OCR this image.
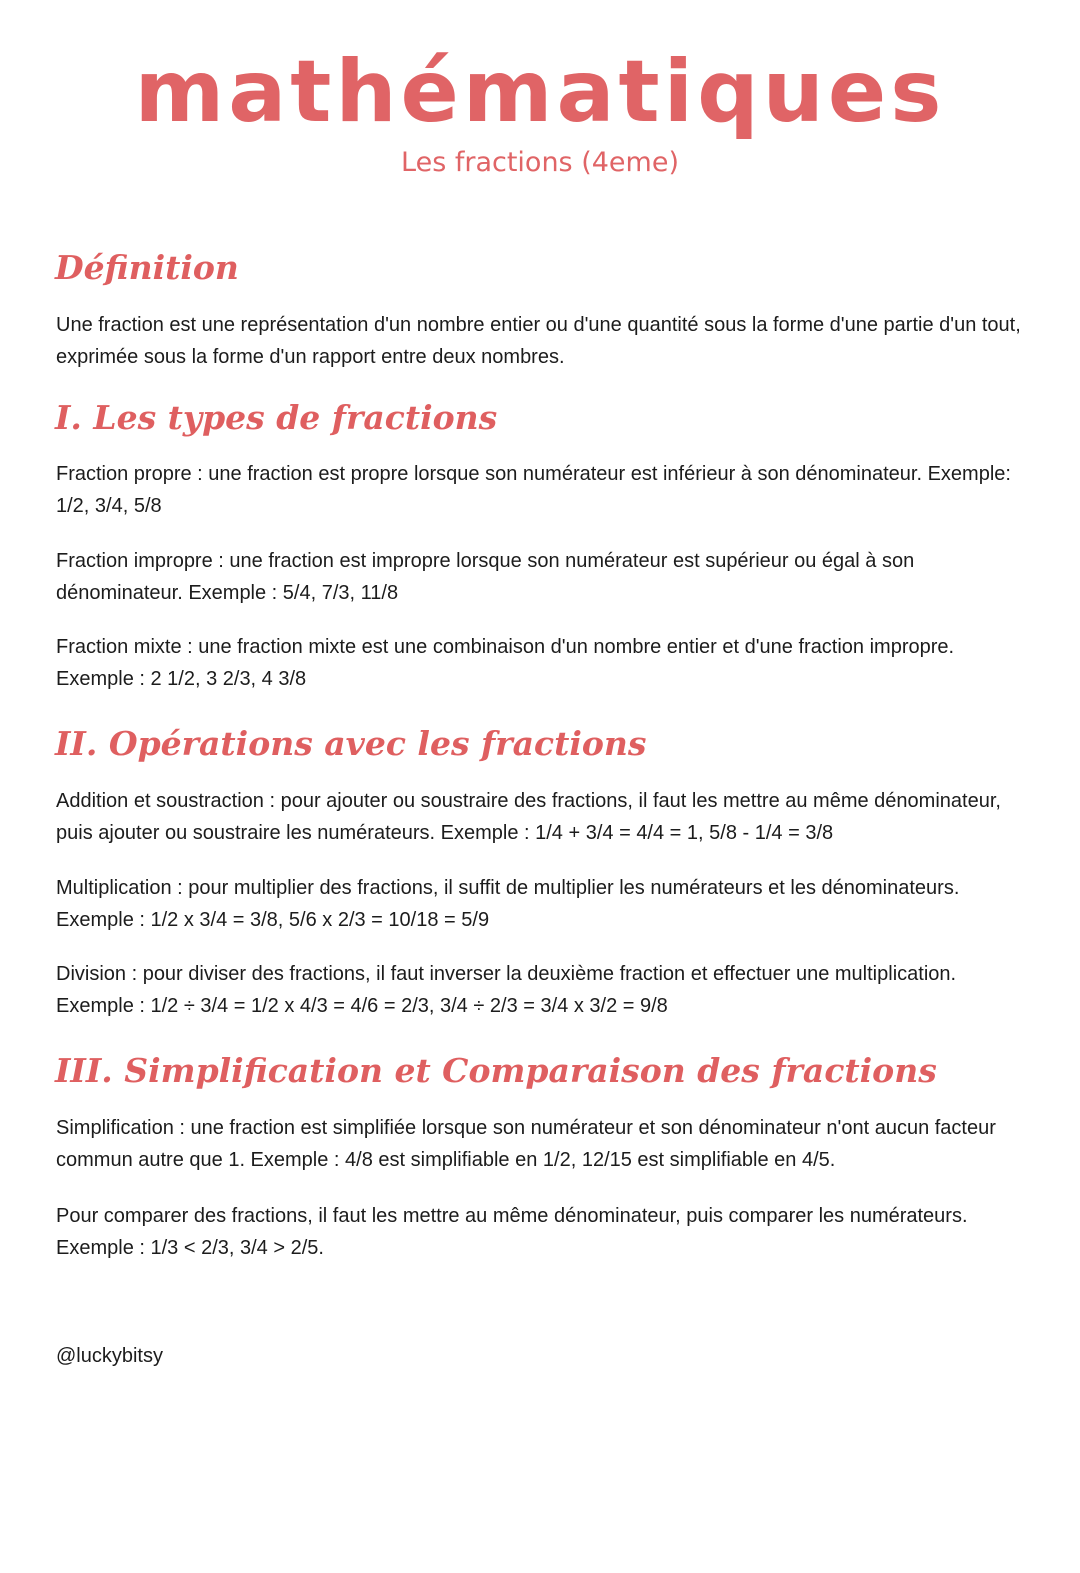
mathématiques
Les fractions (4eme)
Définition
Une fraction est une représentation d'un nombre entier ou d'une quantité sous la forme d'une partie d'un tout, exprimée sous la forme d'un rapport entre deux nombres.
I. Les types de fractions
Fraction propre : une fraction est propre lorsque son numérateur est inférieur à son dénominateur. Exemple: 1/2, 3/4, 5/8
Fraction impropre : une fraction est impropre lorsque son numérateur est supérieur ou égal à son dénominateur. Exemple : 5/4, 7/3, 11/8
Fraction mixte : une fraction mixte est une combinaison d'un nombre entier et d'une fraction impropre. Exemple : 2 1/2, 3 2/3, 4 3/8
II. Opérations avec les fractions
Addition et soustraction : pour ajouter ou soustraire des fractions, il faut les mettre au même dénominateur, puis ajouter ou soustraire les numérateurs. Exemple : 1/4 + 3/4 = 4/4 = 1, 5/8 - 1/4 = 3/8
Multiplication : pour multiplier des fractions, il suffit de multiplier les numérateurs et les dénominateurs. Exemple : 1/2 x 3/4 = 3/8, 5/6 x 2/3 = 10/18 = 5/9
Division : pour diviser des fractions, il faut inverser la deuxième fraction et effectuer une multiplication. Exemple : 1/2 ÷ 3/4 = 1/2 x 4/3 = 4/6 = 2/3, 3/4 ÷ 2/3 = 3/4 x 3/2 = 9/8
III. Simplification et Comparaison des fractions
Simplification : une fraction est simplifiée lorsque son numérateur et son dénominateur n'ont aucun facteur commun autre que 1. Exemple : 4/8 est simplifiable en 1/2, 12/15 est simplifiable en 4/5.
Pour comparer des fractions, il faut les mettre au même dénominateur, puis comparer les numérateurs. Exemple : 1/3 < 2/3, 3/4 > 2/5.
@luckybitsy
